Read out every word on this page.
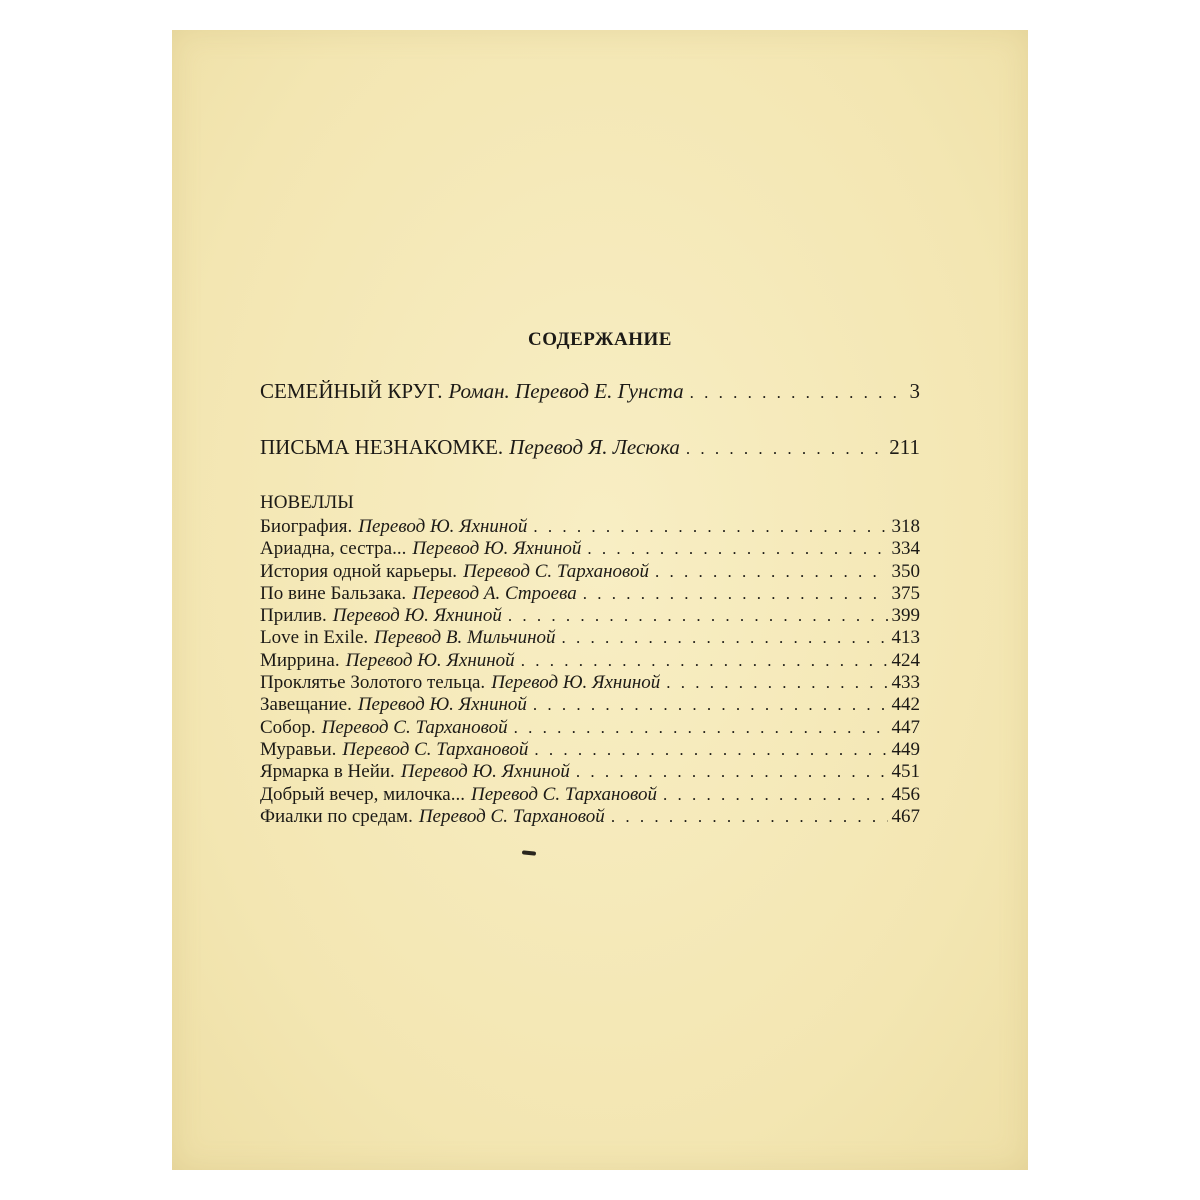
СОДЕРЖАНИЕ
СЕМЕЙНЫЙ КРУГ. Роман. Перевод Е. Гунста . . .	3
ПИСЬМА НЕЗНАКОМКЕ. Перевод Я. Лесюка . . .	211
НОВЕЛЛЫ
Биография. Перевод Ю. Яхниной . . .	318
Ариадна, сестра... Перевод Ю. Яхниной . . .	334
История одной карьеры. Перевод С. Тархановой . . .	350
По вине Бальзака. Перевод А. Строева . . .	375
Прилив. Перевод Ю. Яхниной . . .	399
Love in Exile. Перевод В. Мильчиной . . .	413
Миррина. Перевод Ю. Яхниной . . .	424
Проклятье Золотого тельца. Перевод Ю. Яхниной . . .	433
Завещание. Перевод Ю. Яхниной . . .	442
Собор. Перевод С. Тархановой . . .	447
Муравьи. Перевод С. Тархановой . . .	449
Ярмарка в Нейи. Перевод Ю. Яхниной . . .	451
Добрый вечер, милочка... Перевод С. Тархановой . . .	456
Фиалки по средам. Перевод С. Тархановой . . .	467
